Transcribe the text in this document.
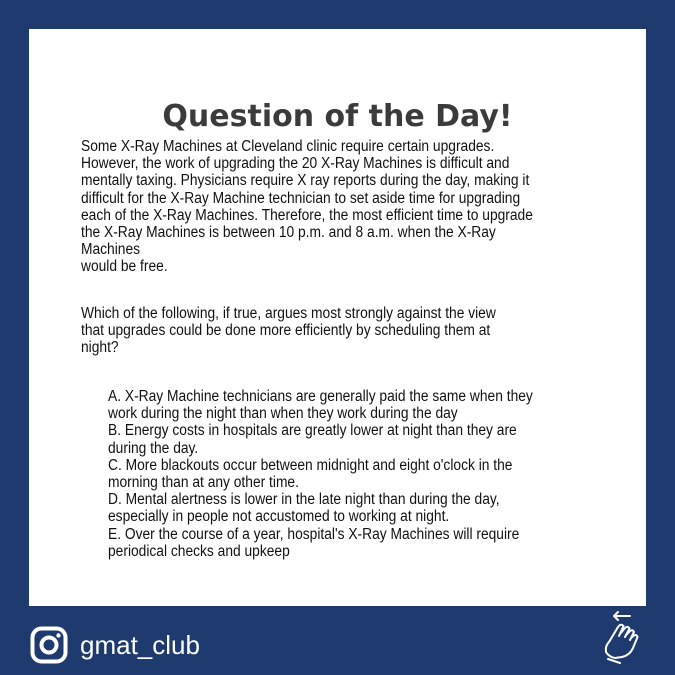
Question of the Day!
Some X-Ray Machines at Cleveland clinic require certain upgrades.
However, the work of upgrading the 20 X-Ray Machines is difficult and
mentally taxing. Physicians require X ray reports during the day, making it
difficult for the X-Ray Machine technician to set aside time for upgrading
each of the X-Ray Machines. Therefore, the most efficient time to upgrade
the X-Ray Machines is between 10 p.m. and 8 a.m. when the X-Ray
Machines
would be free.
Which of the following, if true, argues most strongly against the view
that upgrades could be done more efficiently by scheduling them at
night?
A. X-Ray Machine technicians are generally paid the same when they
work during the night than when they work during the day
B. Energy costs in hospitals are greatly lower at night than they are
during the day.
C. More blackouts occur between midnight and eight o'clock in the
morning than at any other time.
D. Mental alertness is lower in the late night than during the day,
especially in people not accustomed to working at night.
E. Over the course of a year, hospital's X-Ray Machines will require
periodical checks and upkeep
gmat_club
